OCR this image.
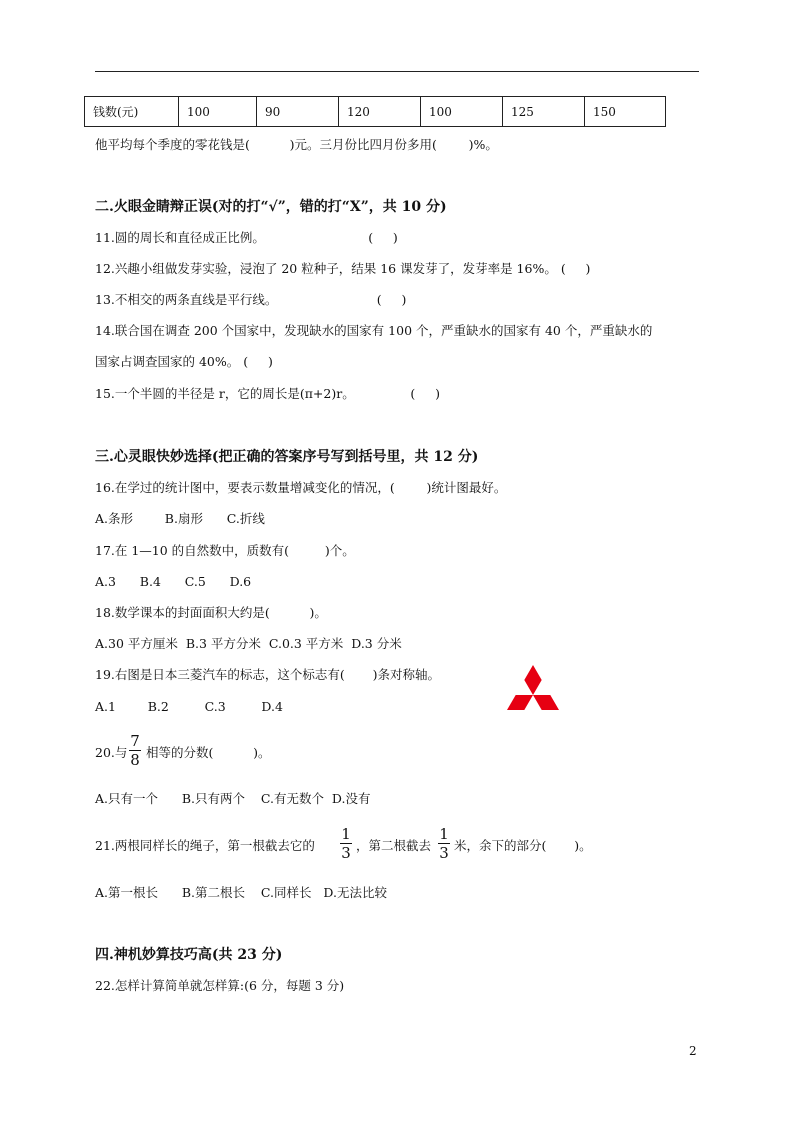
钱数(元)	100	90	120	100	125	150
他平均每个季度的零花钱是(          )元。三月份比四月份多用(        )%。
二.火眼金睛辩正误(对的打“√”，错的打“X”，共 10 分)
11.圆的周长和直径成正比例。                          (     )
12.兴趣小组做发芽实验，浸泡了 20 粒种子，结果 16 课发芽了，发芽率是 16%。 (     )
13.不相交的两条直线是平行线。                         (     )
14.联合国在调查 200 个国家中，发现缺水的国家有 100 个，严重缺水的国家有 40 个，严重缺水的
国家占调查国家的 40%。 (     )
15.一个半圆的半径是 r，它的周长是(π+2)r。              (     )
三.心灵眼快妙选择(把正确的答案序号写到括号里，共 12 分)
16.在学过的统计图中，要表示数量增减变化的情况，(        )统计图最好。
A.条形        B.扇形      C.折线
17.在 1—10 的自然数中，质数有(         )个。
A.3      B.4      C.5      D.6
18.数学课本的封面面积大约是(          )。
A.30 平方厘米  B.3 平方分米  C.0.3 平方米  D.3 分米
19.右图是日本三菱汽车的标志，这个标志有(       )条对称轴。
A.1        B.2         C.3         D.4
20.与
7
8 相等的分数(          )。
A.只有一个      B.只有两个    C.有无数个  D.没有
21.两根同样长的绳子，第一根截去它的
1
3 ，第二根截去
1
3 米，余下的部分(       )。
A.第一根长      B.第二根长    C.同样长   D.无法比较
四.神机妙算技巧高(共 23 分)
22.怎样计算简单就怎样算:(6 分，每题 3 分)
2
